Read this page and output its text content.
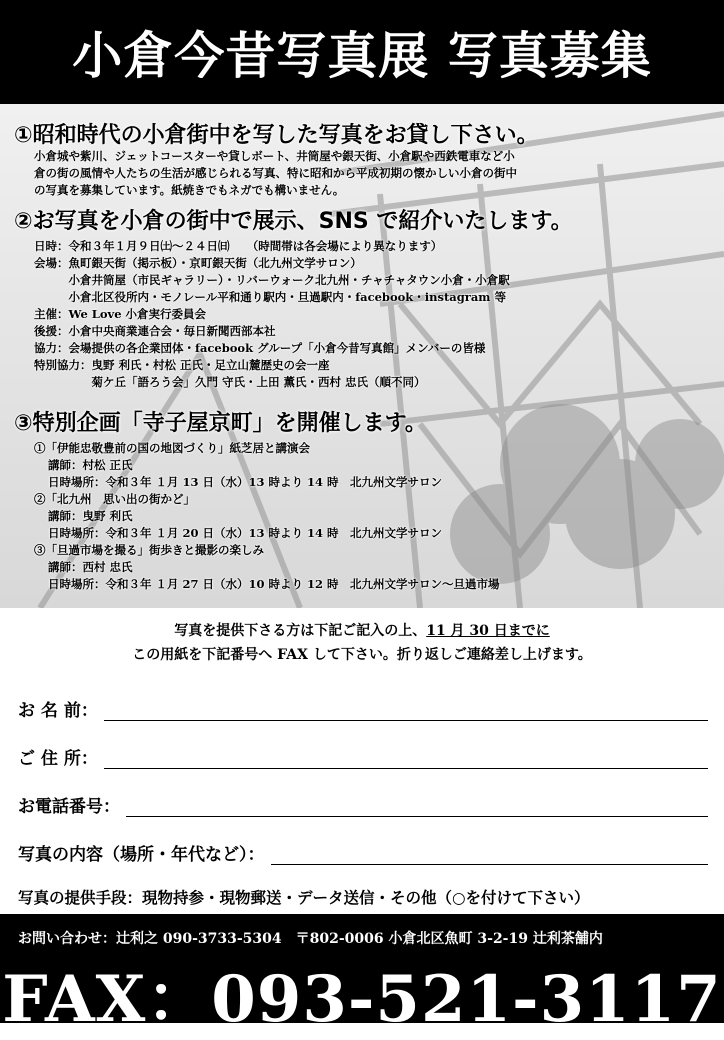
小倉今昔写真展 写真募集
①昭和時代の小倉街中を写した写真をお貸し下さい。
小倉城や紫川、ジェットコースターや貸しボート、井筒屋や銀天街、小倉駅や西鉄電車など小
倉の街の風情や人たちの生活が感じられる写真、特に昭和から平成初期の懐かしい小倉の街中
の写真を募集しています。紙焼きでもネガでも構いません。
②お写真を小倉の街中で展示、SNS で紹介いたします。
日時： 令和３年１月９日㈯〜２４日㈰　　（時間帯は各会場により異なります）
会場： 魚町銀天街（掲示板）・京町銀天街（北九州文学サロン）
小倉井筒屋（市民ギャラリー）・リバーウォーク北九州・チャチャタウン小倉・小倉駅
小倉北区役所内・モノレール平和通り駅内・旦過駅内・facebook・instagram 等
主催： We Love 小倉実行委員会
後援： 小倉中央商業連合会・毎日新聞西部本社
協力： 会場提供の各企業団体・facebook グループ「小倉今昔写真館」メンバーの皆様
特別協力： 曳野 利氏・村松 正氏・足立山麓歴史の会一座
菊ケ丘「語ろう会」久門 守氏・上田 薫氏・西村 忠氏（順不同）
③特別企画「寺子屋京町」を開催します。
①「伊能忠敬豊前の国の地図づくり」紙芝居と講演会
講師：村松 正氏
日時場所：令和３年 １月 13 日（水）13 時より 14 時　北九州文学サロン
②「北九州　思い出の街かど」
講師：曳野 利氏
日時場所：令和３年 １月 20 日（水）13 時より 14 時　北九州文学サロン
③「旦過市場を撮る」街歩きと撮影の楽しみ
講師：西村 忠氏
日時場所：令和３年 １月 27 日（水）10 時より 12 時　北九州文学サロン〜旦過市場
写真を提供下さる方は下記ご記入の上、11 月 30 日までに
この用紙を下記番号へ FAX して下さい。折り返しご連絡差し上げます。
お 名 前：
ご 住 所：
お電話番号：
写真の内容（場所・年代など）：
写真の提供手段：現物持参・現物郵送・データ送信・その他（○を付けて下さい）
お問い合わせ：辻利之 090-3733-5304　〒802-0006 小倉北区魚町 3-2-19 辻利茶舗内
FAX：093-521-3117
